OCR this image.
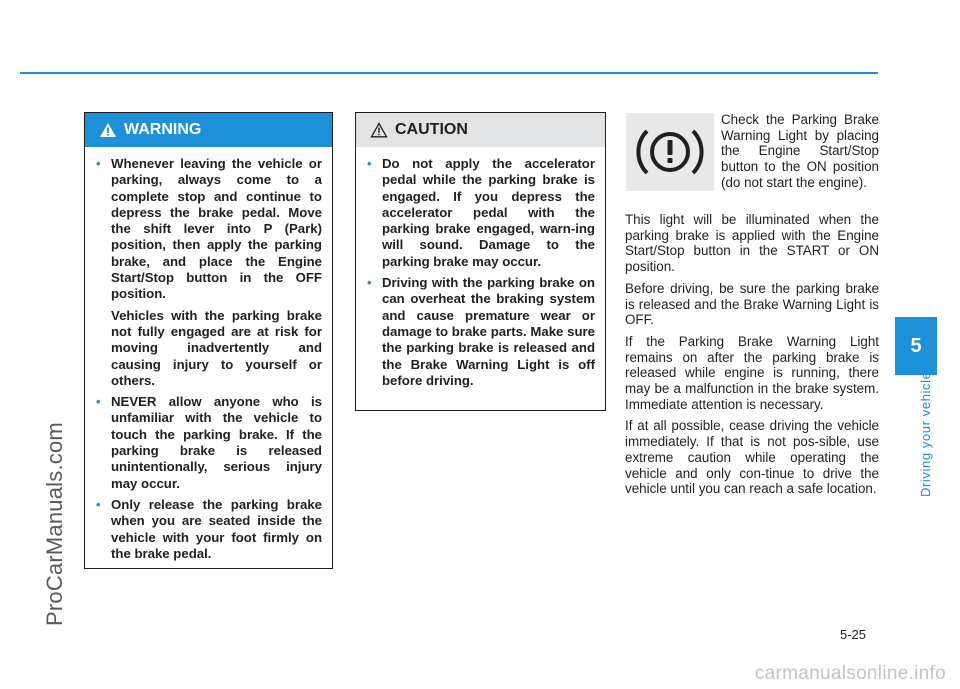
ProCarManuals.com
5
Driving your vehicle
WARNING
• Whenever leaving the vehicle or parking, always come to a complete stop and continue to depress the brake pedal. Move the shift lever into P (Park) position, then apply the parking brake, and place the Engine Start/Stop button in the OFF position.
Vehicles with the parking brake not fully engaged are at risk for moving inadvertently and causing injury to yourself or others.
• NEVER allow anyone who is unfamiliar with the vehicle to touch the parking brake. If the parking brake is released unintentionally, serious injury may occur.
• Only release the parking brake when you are seated inside the vehicle with your foot firmly on the brake pedal.
CAUTION
• Do not apply the accelerator pedal while the parking brake is engaged. If you depress the accelerator pedal with the parking brake engaged, warn-ing will sound. Damage to the parking brake may occur.
• Driving with the parking brake on can overheat the braking system and cause premature wear or damage to brake parts. Make sure the parking brake is released and the Brake Warning Light is off before driving.
Check the Parking Brake Warning Light by placing the Engine Start/Stop button to the ON position (do not start the engine).

This light will be illuminated when the parking brake is applied with the Engine Start/Stop button in the START or ON position.

Before driving, be sure the parking brake is released and the Brake Warning Light is OFF.

If the Parking Brake Warning Light remains on after the parking brake is released while engine is running, there may be a malfunction in the brake system. Immediate attention is necessary.

If at all possible, cease driving the vehicle immediately. If that is not pos-sible, use extreme caution while operating the vehicle and only con-tinue to drive the vehicle until you can reach a safe location.

5-25
carmanualsonline.info
